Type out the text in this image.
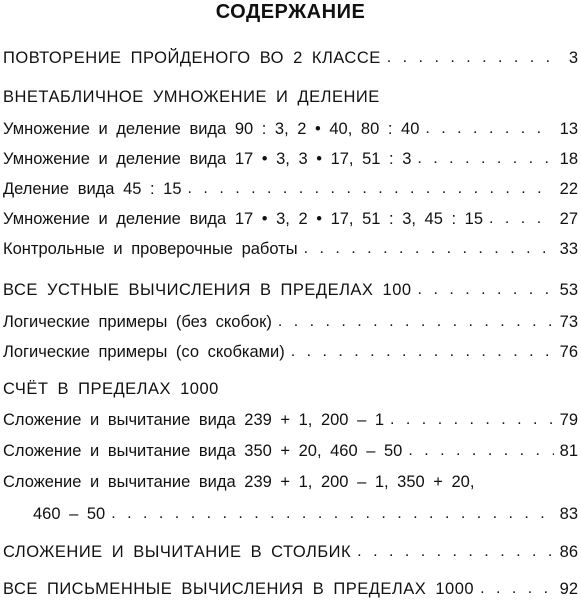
СОДЕРЖАНИЕ
ПОВТОРЕНИЕ ПРОЙДЕНОГО ВО 2 КЛАССЕ . . .	3
ВНЕТАБЛИЧНОЕ УМНОЖЕНИЕ И ДЕЛЕНИЕ
Умножение и деление вида 90 : 3, 2 • 40, 80 : 40 . . .	13
Умножение и деление вида 17 • 3, 3 • 17, 51 : 3 . . .	18
Деление вида 45 : 15 . . .	22
Умножение и деление вида 17 • 3, 2 • 17, 51 : 3, 45 : 15 . . .	27
Контрольные и проверочные работы . . .	33
ВСЕ УСТНЫЕ ВЫЧИСЛЕНИЯ В ПРЕДЕЛАХ 100 . . .	53
Логические примеры (без скобок) . . .	73
Логические примеры (со скобками) . . .	76
СЧЁТ В ПРЕДЕЛАХ 1000
Сложение и вычитание вида 239 + 1, 200 – 1 . . .	79
Сложение и вычитание вида 350 + 20, 460 – 50 . . .	81
Сложение и вычитание вида 239 + 1, 200 – 1, 350 + 20,
460 – 50 . . .	83
СЛОЖЕНИЕ И ВЫЧИТАНИЕ В СТОЛБИК . . .	86
ВСЕ ПИСЬМЕННЫЕ ВЫЧИСЛЕНИЯ В ПРЕДЕЛАХ 1000 . . .	92
